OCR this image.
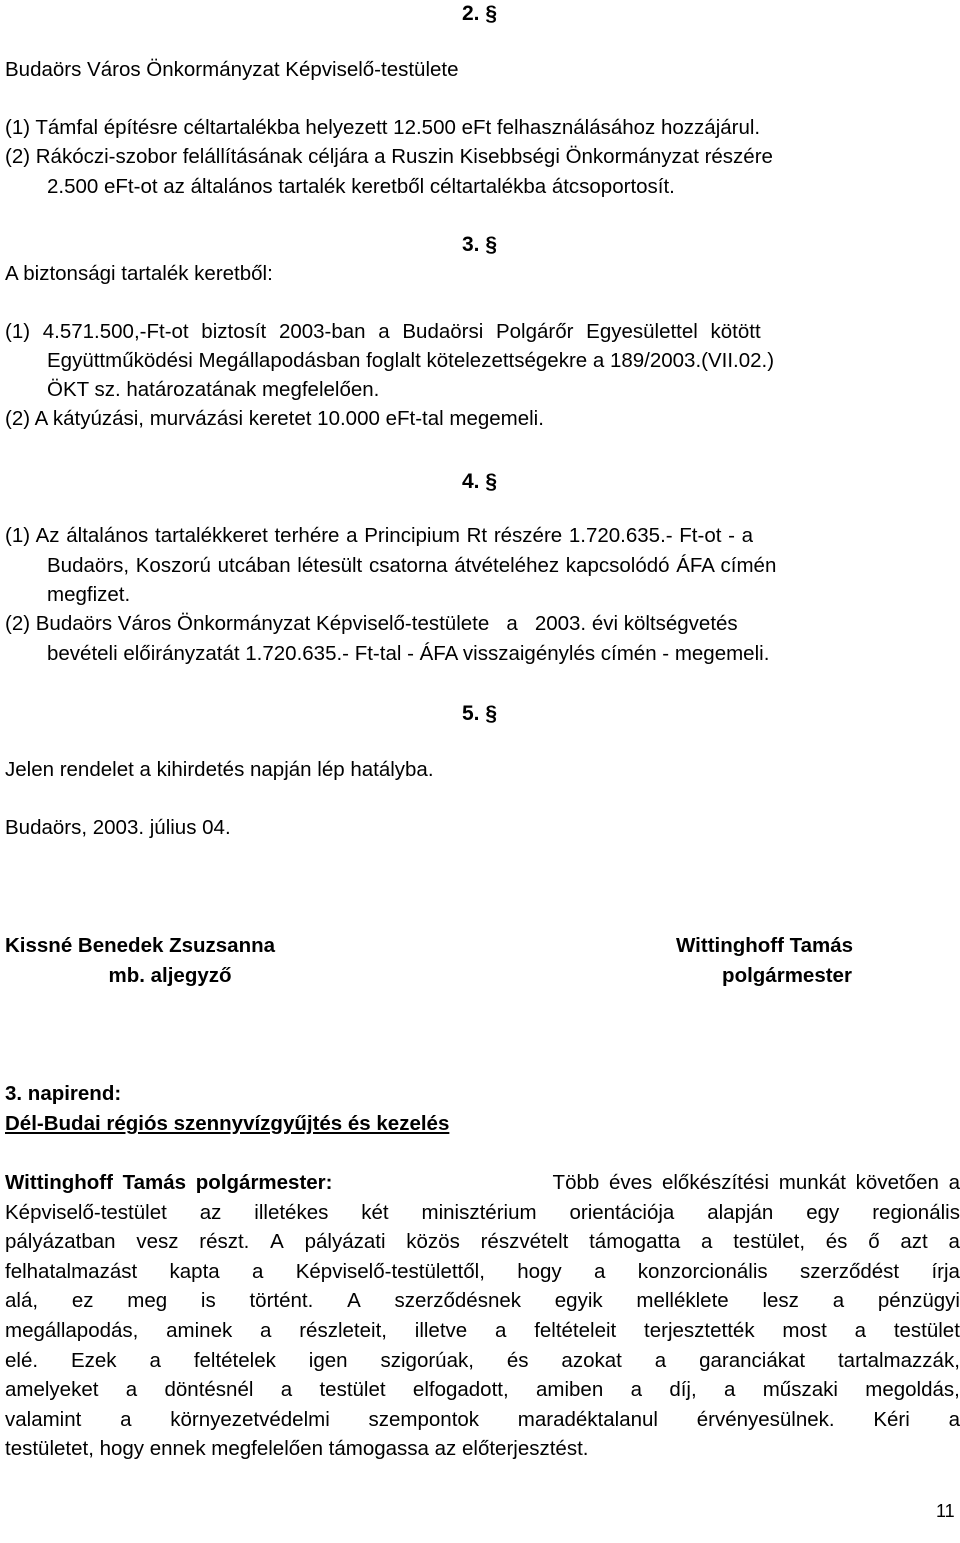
2. §
Budaörs Város Önkormányzat Képviselő-testülete
(1) Támfal építésre céltartalékba helyezett 12.500 eFt felhasználásához hozzájárul.
(2) Rákóczi-szobor felállításának céljára a Ruszin Kisebbségi Önkormányzat részére
2.500 eFt-ot az általános tartalék keretből céltartalékba átcsoportosít.
3. §
A biztonsági tartalék keretből:
(1) 4.571.500,-Ft-ot biztosít 2003-ban a Budaörsi Polgárőr Egyesülettel kötött
Együttműködési Megállapodásban foglalt kötelezettségekre a 189/2003.(VII.02.)
ÖKT sz. határozatának megfelelően.
(2) A kátyúzási, murvázási keretet 10.000 eFt-tal megemeli.
4. §
(1) Az általános tartalékkeret terhére a Principium Rt részére 1.720.635.- Ft-ot - a
Budaörs, Koszorú utcában létesült csatorna átvételéhez kapcsolódó ÁFA címén
megfizet.
(2) Budaörs Város Önkormányzat Képviselő-testülete   a   2003. évi költségvetés
bevételi előirányzatát 1.720.635.- Ft-tal - ÁFA visszaigénylés címén - megemeli.
5. §
Jelen rendelet a kihirdetés napján lép hatályba.
Budaörs, 2003. július 04.
Kissné Benedek Zsuzsanna
mb. aljegyző
Wittinghoff Tamás
polgármester
3. napirend:
Dél-Budai régiós szennyvízgyűjtés és kezelés
Wittinghoff Tamás polgármester:	Több éves előkészítési munkát követően a
Képviselő-testület az illetékes két minisztérium orientációja alapján egy regionális
pályázatban vesz részt. A pályázati közös részvételt támogatta a testület, és ő azt a
felhatalmazást kapta a Képviselő-testülettől, hogy a konzorcionális szerződést írja
alá, ez meg is történt. A szerződésnek egyik melléklete lesz a pénzügyi
megállapodás, aminek a részleteit, illetve a feltételeit terjesztették most a testület
elé. Ezek a feltételek igen szigorúak, és azokat a garanciákat tartalmazzák,
amelyeket a döntésnél a testület elfogadott, amiben a díj, a műszaki megoldás,
valamint a környezetvédelmi szempontok maradéktalanul érvényesülnek. Kéri a
testületet, hogy ennek megfelelően támogassa az előterjesztést.
11
